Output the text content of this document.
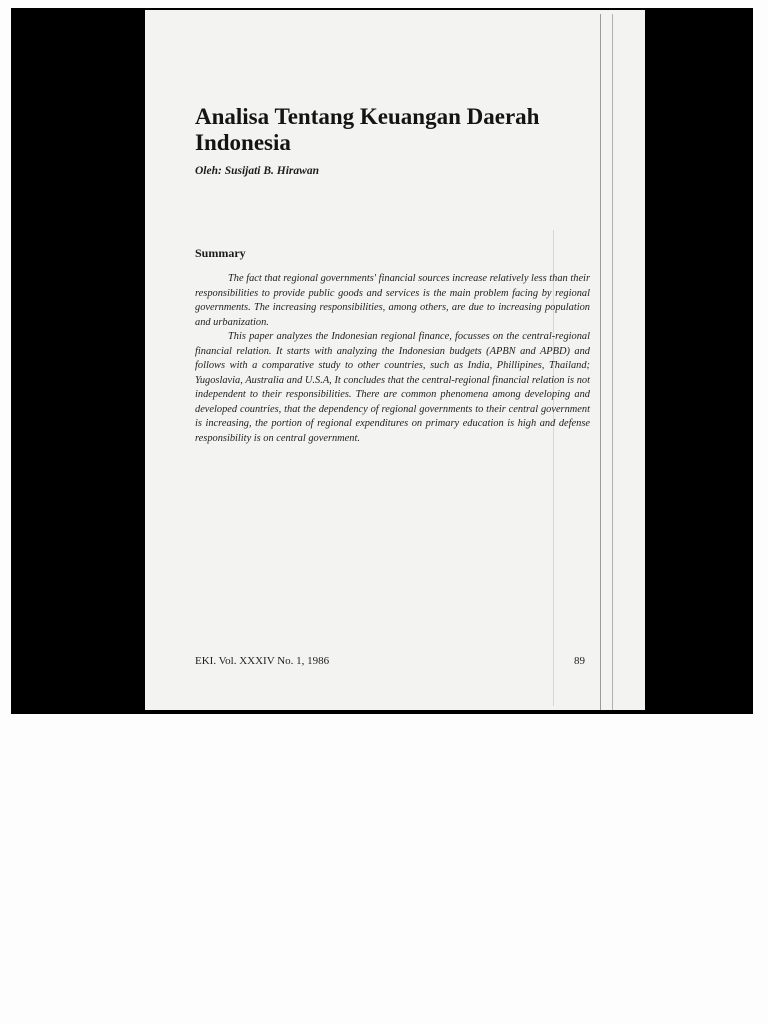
Analisa Tentang Keuangan Daerah Indonesia

Oleh: Susijati B. Hirawan

Summary

The fact that regional governments' financial sources increase relatively less than their responsibilities to provide public goods and services is the main problem facing by regional governments. The increasing responsibilities, among others, are due to increasing population and urbanization.

This paper analyzes the Indonesian regional finance, focusses on the central-regional financial relation. It starts with analyzing the Indonesian budgets (APBN and APBD) and follows with a comparative study to other countries, such as India, Phillipines, Thailand; Yugoslavia, Australia and U.S.A, It concludes that the central-regional financial relation is not independent to their responsibilities. There are common phenomena among developing and developed countries, that the dependency of regional governments to their central government is increasing, the portion of regional expenditures on primary education is high and defense responsibility is on central government.

EKI. Vol. XXXIV No. 1, 1986	89
